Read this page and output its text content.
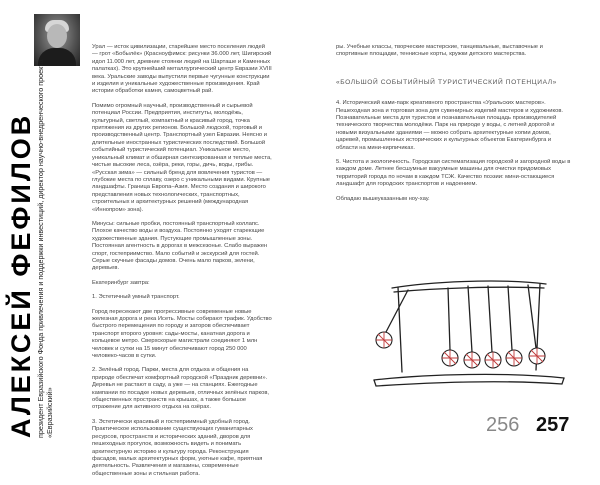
АЛЕКСЕЙ ФЕФИЛОВ президент Евразийского Фонда привлечения и поддержки инвестиций, директор научно-внедренческого проекта «Евразийский»

Урал — исток цивилизации, старейшее место поселения людей — грот «Бобылёк» (Красноуфимск: рисунки 36.000 лет, Шигирский идол 11.000 лет, древние стоянки людей на Шарташе и Каменных палатках). Это крупнейший металлургический центр Евразии XVIII века. Уральские заводы выпустили первые чугунные конструкции и изделия и уникальные художественные произведения. Край истории обработки камня, самоцветный рай.

Помимо огромный научный, производственный и сырьевой потенциал России. Предприятия, институты, молодёжь, культурный, светлый, компактный и красивый город, точка притяжения из других регионов. Большой людской, торговый и производственный центр. Транспортный узел Евразии. Неясно и длительные иностранных туристических последствий. Большой событийный туристический потенциал. Уникальное место, уникальный климат и обширная синтезированная и теплые места, чистые высокие леса, озёра, реки, горы, дичь, воды, грибы. «Русская зима» — сильный бренд для вовлечения туристов — глубокие места по сплаву, озеро с уникальными видами. Крупные ландшафты. Граница Европа–Азия. Место создания и широкого представления новых технологических, транспортных, строительных и архитектурных решений (международная «Иннопром» зона).

Минусы: сильные пробки, постоянный транспортный коллапс. Плохое качество воды и воздуха. Постоянно уходят стареющие художественные здания. Пустующие промышленные зоны. Постоянная агентность в дорогах в межсезонье. Слабо выражен спорт, гостеприимство. Мало событий и экскурсий для гостей. Серые скучные фасады домов. Очень мало парков, зелени, деревьев.

Екатеринбург завтра:

1. Эстетичный умный транспорт.

Город пересекают две прогрессивные современные новые железная дорога и река Исеть. Мосты собирают трафик. Удобство быстрого перемещения по городу и заторов обеспечивает транспорт второго уровня: сады-мосты, канатная дорога и кольцевое метро. Сверхскорые магистрали соединяют 1 млн человек и сутки на 15 минут обеспечивают город 250 000 человеко-часов в сутки.

2. Зелёный город. Парки, места для отдыха и общения на природе обеспечат комфортный городской «Праздник деревни». Деревья не растают в саду, а уже — на станциях. Ежегодные кампании по посадке новых деревьев, отличных зелёных парков, общественных пространств на крышах, а также большое отражение для активного отдыха на озёрах.

3. Эстетически красивый и гостеприимный удобный город. Практическое использование существующих гуманитарных ресурсов, пространств и исторических зданий, дворов для пешеходных прогулок, возможность видеть и понимать архитектурную историю и культуру города. Реконструкция фасадов, малых архитектурных форм, уютные кафе, приятная деятельность. Развлечения и магазины, современные общественные зоны и стильная работа.

ры. Учебные классы, творческие мастерские, танцевальные, выставочные и спортивные площадки, теннисные корты, кружки детского мастерства.

«БОЛЬШОЙ СОБЫТИЙНЫЙ ТУРИСТИЧЕСКИЙ ПОТЕНЦИАЛ»

4. Исторический ками-парк креативного пространства «Уральских мастеров». Пешеходная зона и торговая зона для сувенирных изделий мастеров и художников. Познавательные места для туристов и познавательная площадь производителей технического творчества молодёжи. Парк на природе у воды, с летней дорогой и новыми визуальными зданиями — можно собрать архитектурные копии домов, царевей, промышленных исторических и культурных объектов Екатеринбурга и области на мини-кирпичиках.

5. Чистота и экологичность. Городская систематизация городской и загородной воды в каждом доме. Летнее бесшумные вакуумные машины для очистки придомовых территорий города по ночам в каждом ТСЖ. Качество поэзии: мини-остающиеся ландшафт для городских транспортов и надоением.

Обладаю вышеуказанным ноу-хау.

256 257
